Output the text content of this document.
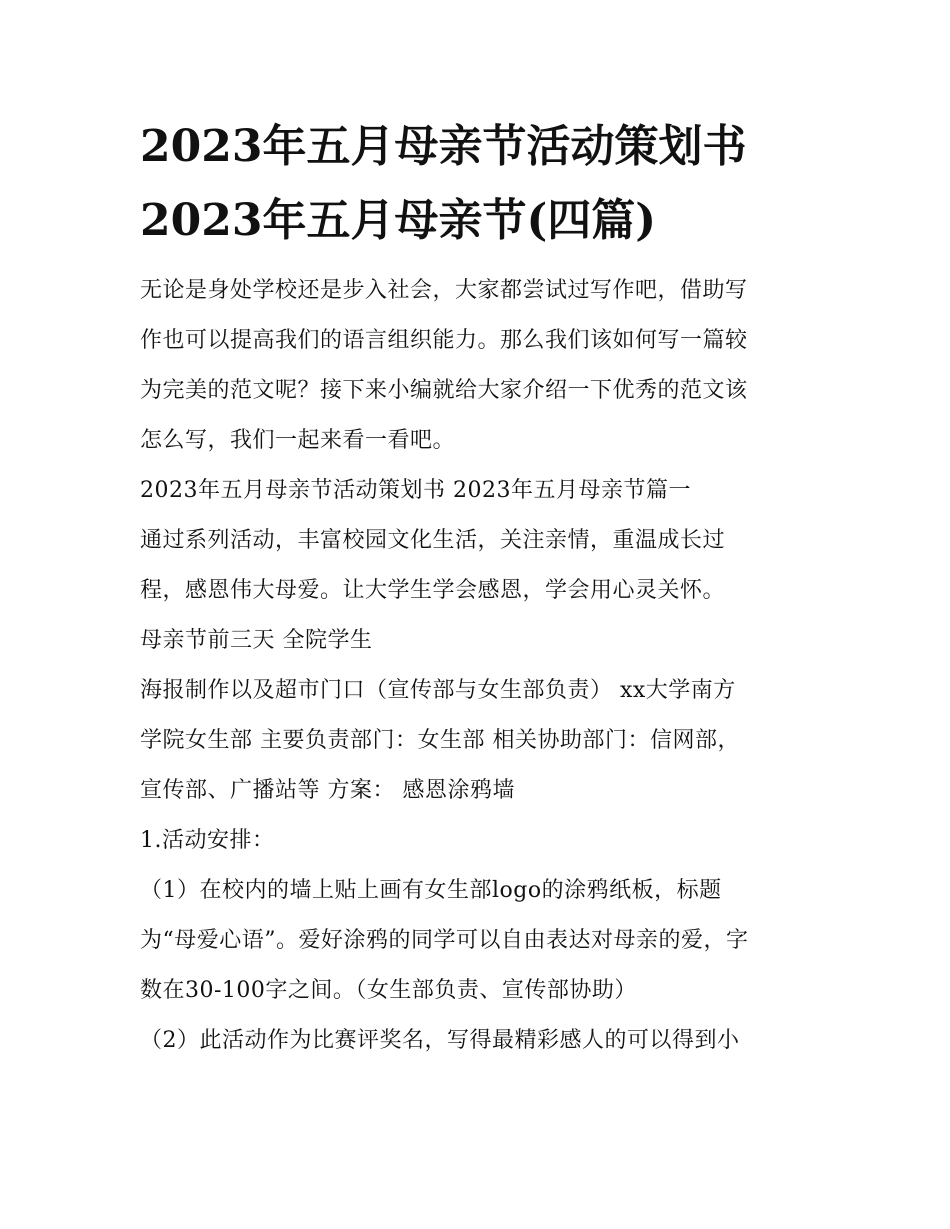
2023年五月母亲节活动策划书
2023年五月母亲节(四篇)

无论是身处学校还是步入社会，大家都尝试过写作吧，借助写
作也可以提高我们的语言组织能力。那么我们该如何写一篇较
为完美的范文呢？接下来小编就给大家介绍一下优秀的范文该
怎么写，我们一起来看一看吧。

2023年五月母亲节活动策划书 2023年五月母亲节篇一

通过系列活动，丰富校园文化生活，关注亲情，重温成长过
程，感恩伟大母爱。让大学生学会感恩，学会用心灵关怀。

母亲节前三天 全院学生

海报制作以及超市门口（宣传部与女生部负责） xx大学南方
学院女生部 主要负责部门：女生部 相关协助部门：信网部，
宣传部、广播站等 方案： 感恩涂鸦墙

1.活动安排：

（1）在校内的墙上贴上画有女生部logo的涂鸦纸板，标题
为“母爱心语”。爱好涂鸦的同学可以自由表达对母亲的爱，字
数在30-100字之间。（女生部负责、宣传部协助）

（2）此活动作为比赛评奖名，写得最精彩感人的可以得到小
